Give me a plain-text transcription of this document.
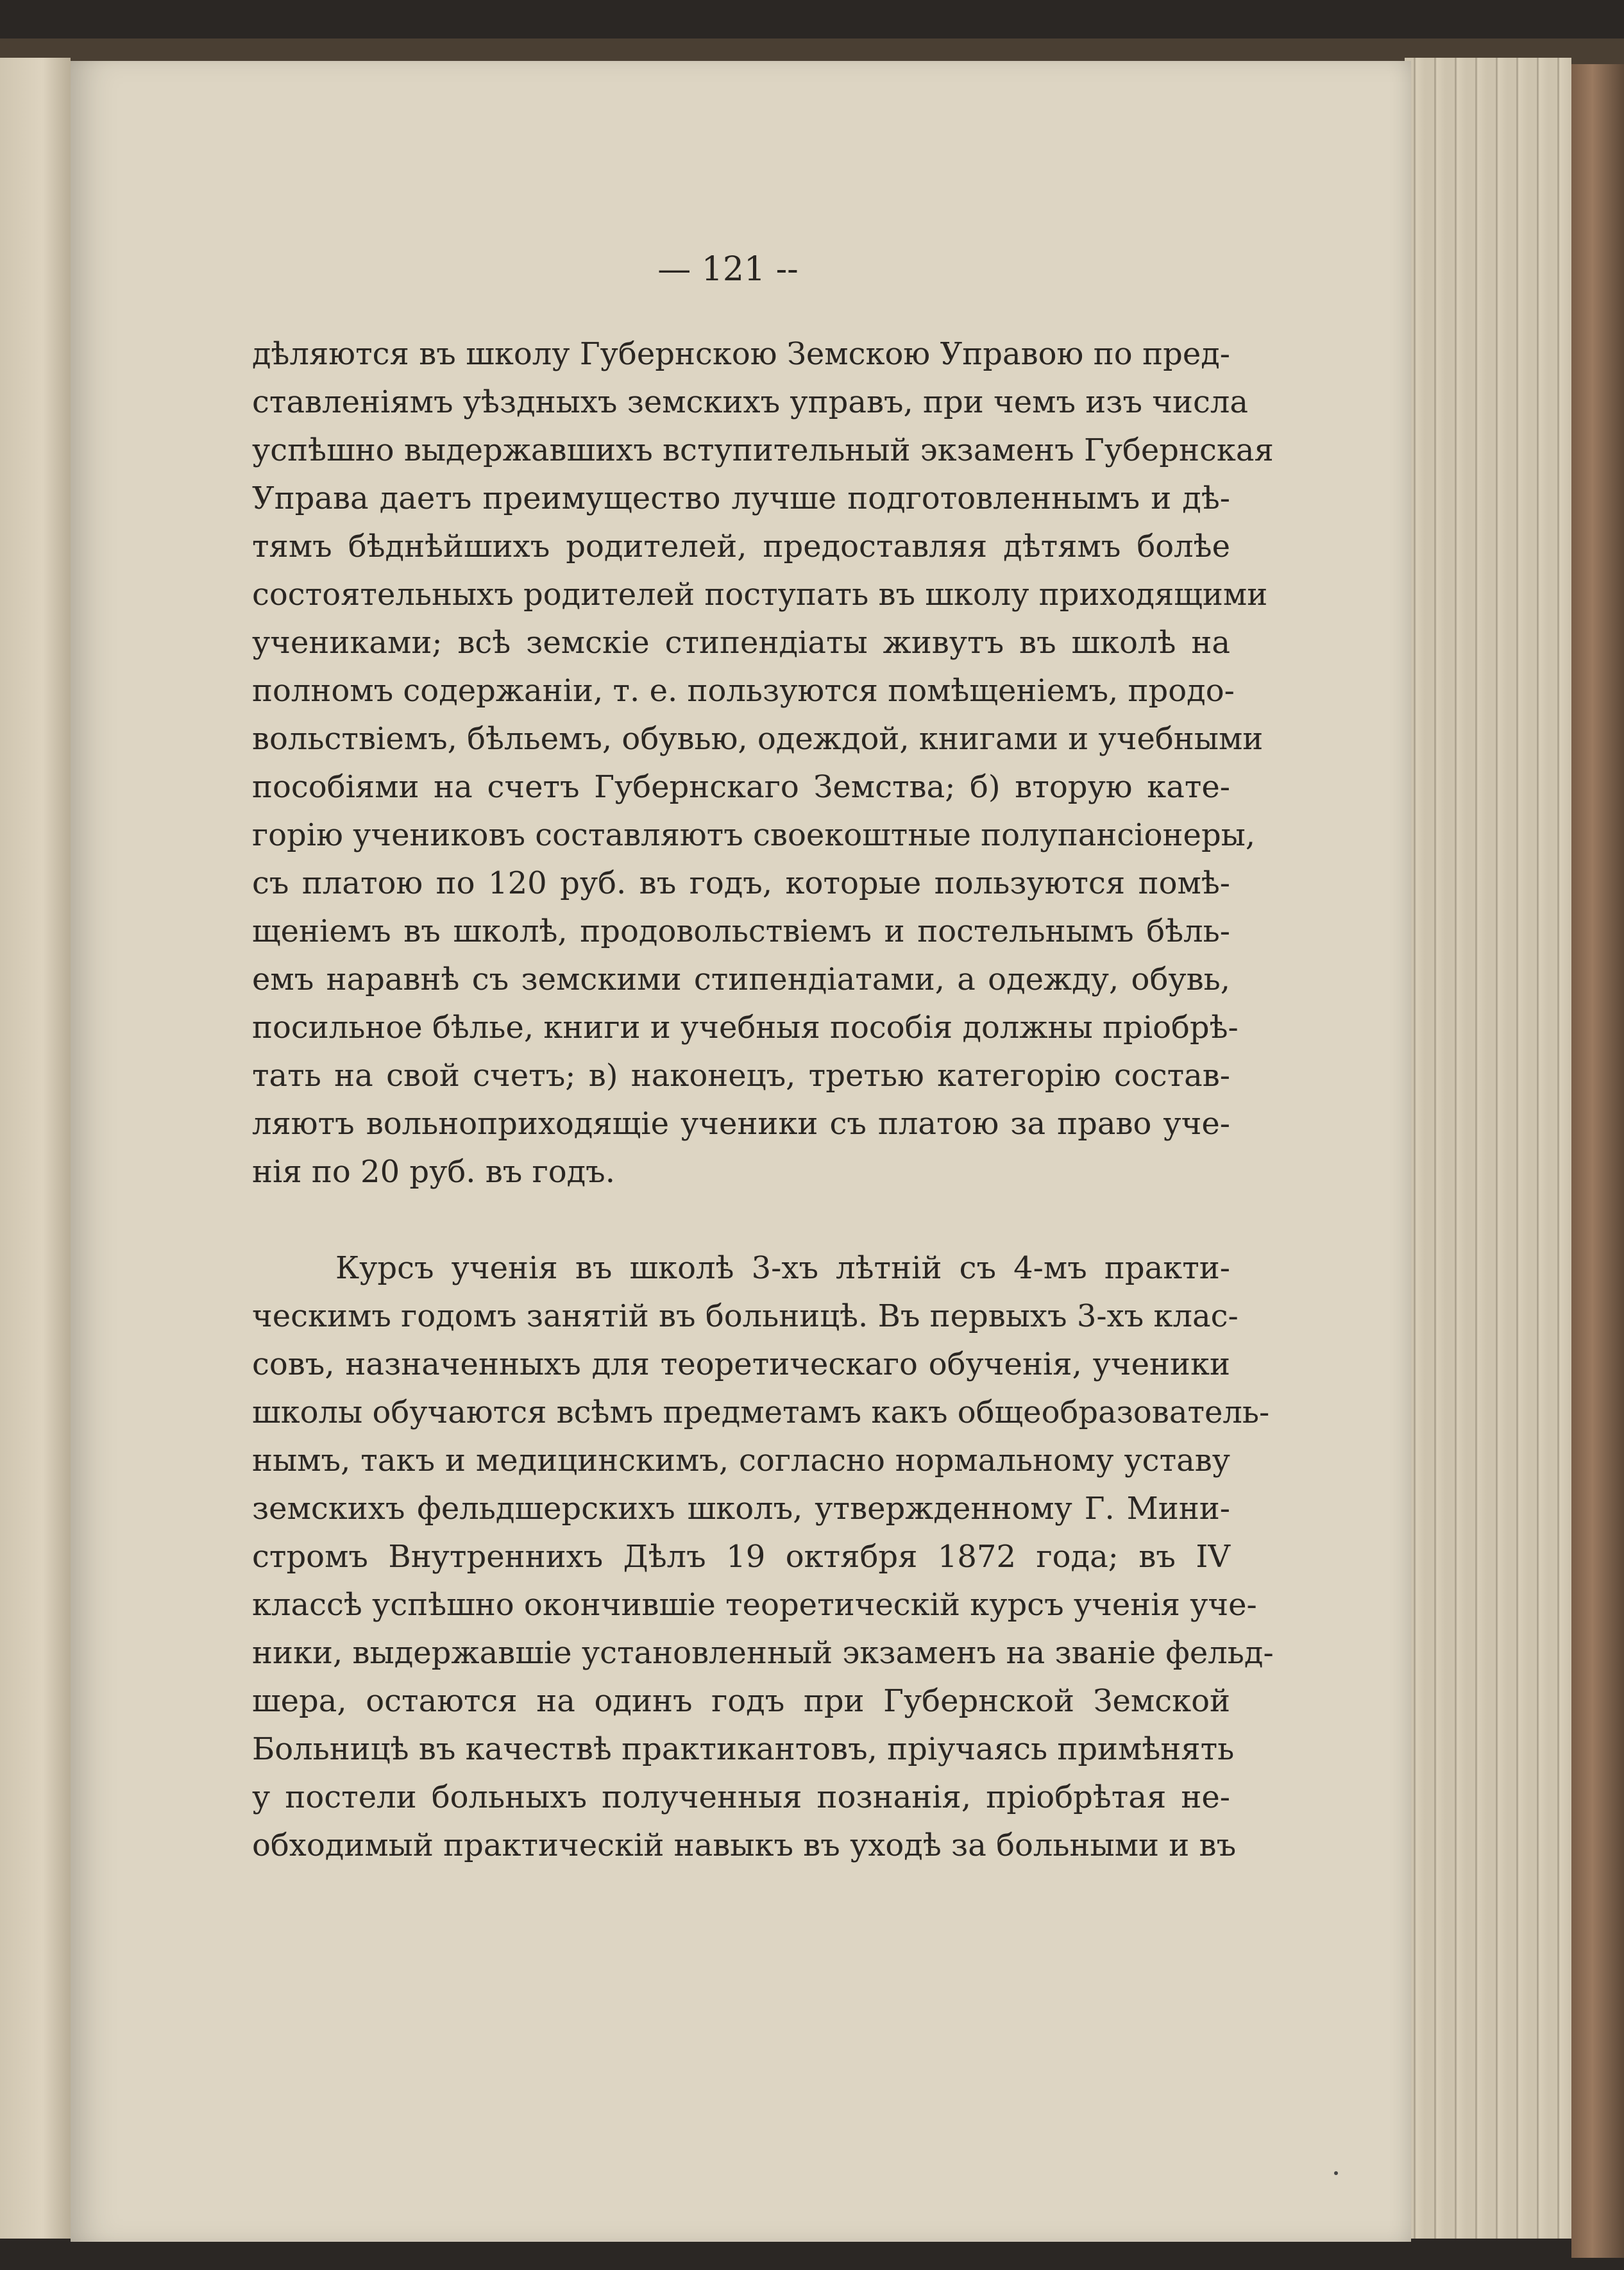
— 121 --
дѣляются въ школу Губернскою Земскою Управою по пред-
ставленіямъ уѣздныхъ земскихъ управъ, при чемъ изъ числа
успѣшно выдержавшихъ вступительный экзаменъ Губернская
Управа даетъ преимущество лучше подготовленнымъ и дѣ-
тямъ бѣднѣйшихъ родителей, предоставляя дѣтямъ болѣе
состоятельныхъ родителей поступать въ школу приходящими
учениками; всѣ земскіе стипендіаты живутъ въ школѣ на
полномъ содержаніи, т. е. пользуются помѣщеніемъ, продо-
вольствіемъ, бѣльемъ, обувью, одеждой, книгами и учебными
пособіями на счетъ Губернскаго Земства; б) вторую кате-
горію учениковъ составляютъ своекоштные полупансіонеры,
съ платою по 120 руб. въ годъ, которые пользуются помѣ-
щеніемъ въ школѣ, продовольствіемъ и постельнымъ бѣль-
емъ наравнѣ съ земскими стипендіатами, а одежду, обувь,
посильное бѣлье, книги и учебныя пособія должны пріобрѣ-
тать на свой счетъ; в) наконецъ, третью категорію состав-
ляютъ вольноприходящіе ученики съ платою за право уче-
нія по 20 руб. въ годъ.
Курсъ ученія въ школѣ 3-хъ лѣтній съ 4-мъ практи-
ческимъ годомъ занятій въ больницѣ. Въ первыхъ 3-хъ клас-
совъ, назначенныхъ для теоретическаго обученія, ученики
школы обучаются всѣмъ предметамъ какъ общеобразователь-
нымъ, такъ и медицинскимъ, согласно нормальному уставу
земскихъ фельдшерскихъ школъ, утвержденному Г. Мини-
стромъ Внутреннихъ Дѣлъ 19 октября 1872 года; въ IV
классѣ успѣшно окончившіе теоретическій курсъ ученія уче-
ники, выдержавшіе установленный экзаменъ на званіе фельд-
шера, остаются на одинъ годъ при Губернской Земской
Больницѣ въ качествѣ практикантовъ, пріучаясь примѣнять
у постели больныхъ полученныя познанія, пріобрѣтая не-
обходимый практическій навыкъ въ уходѣ за больными и въ
